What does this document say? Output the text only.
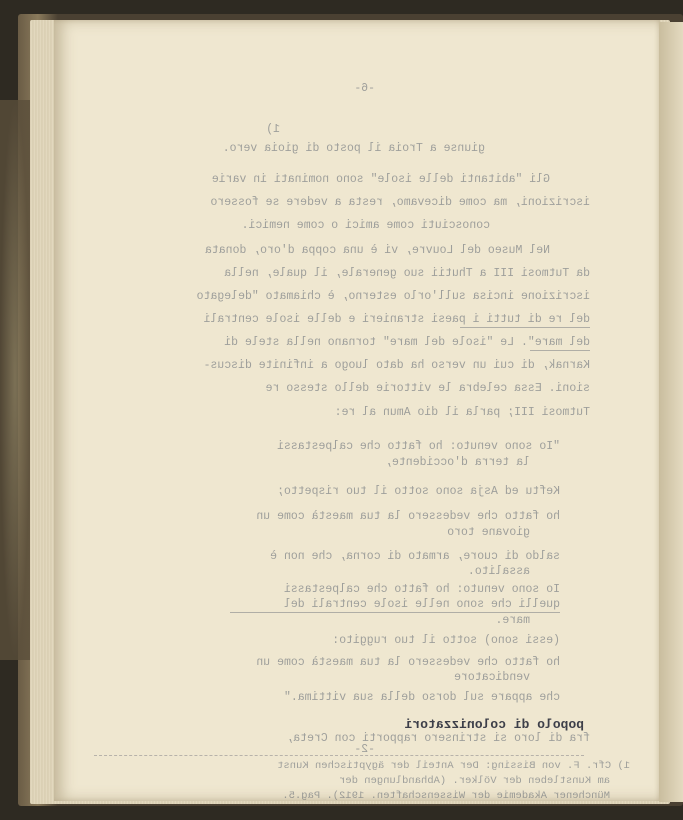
-6-
1)
giunse a Troia il posto di gioia vero.
Gli "abitanti delle isole" sono nominati in varie
iscrizioni, ma come dicevamo, resta a vedere se fossero
conosciuti come amici o come nemici.
Nel Museo del Louvre, vi è una coppa d'oro, donata
da Tutmosi III a Thutii suo generale, il quale, nella
iscrizione incisa sull'orlo esterno, è chiamato "delegato
del re di tutti i paesi stranieri e delle isole centrali
del mare". Le "isole del mare" tornano nella stele di
Karnak, di cui un verso ha dato luogo a infinite discus-
sioni. Essa celebra le vittorie dello stesso re
Tutmosi III; parla il dio Amun al re:
"Io sono venuto: ho fatto che calpestassi
la terra d'occidente,
Keftu ed Asja sono sotto il tuo rispetto;
ho fatto che vedessero la tua maestà come un
giovane toro
saldo di cuore, armato di corna, che non è
assalito.
Io sono venuto: ho fatto che calpestassi
quelli che sono nelle isole centrali del
mare.
(essi sono) sotto il tuo ruggito:
ho fatto che vedessero la tua maestà come un
vendicatore
che appare sul dorso della sua vittima."
fra di loro si strinsero rapporti con Creta,
-2-
1) Cfr. F. von Bissing: Der Anteil der ägyptischen Kunst
am Kunstleben der Völker. (Abhandlungen der
Münchener Akademie der Wissenschaften. 1912). Pag.5.
popolo di colonizzatori
